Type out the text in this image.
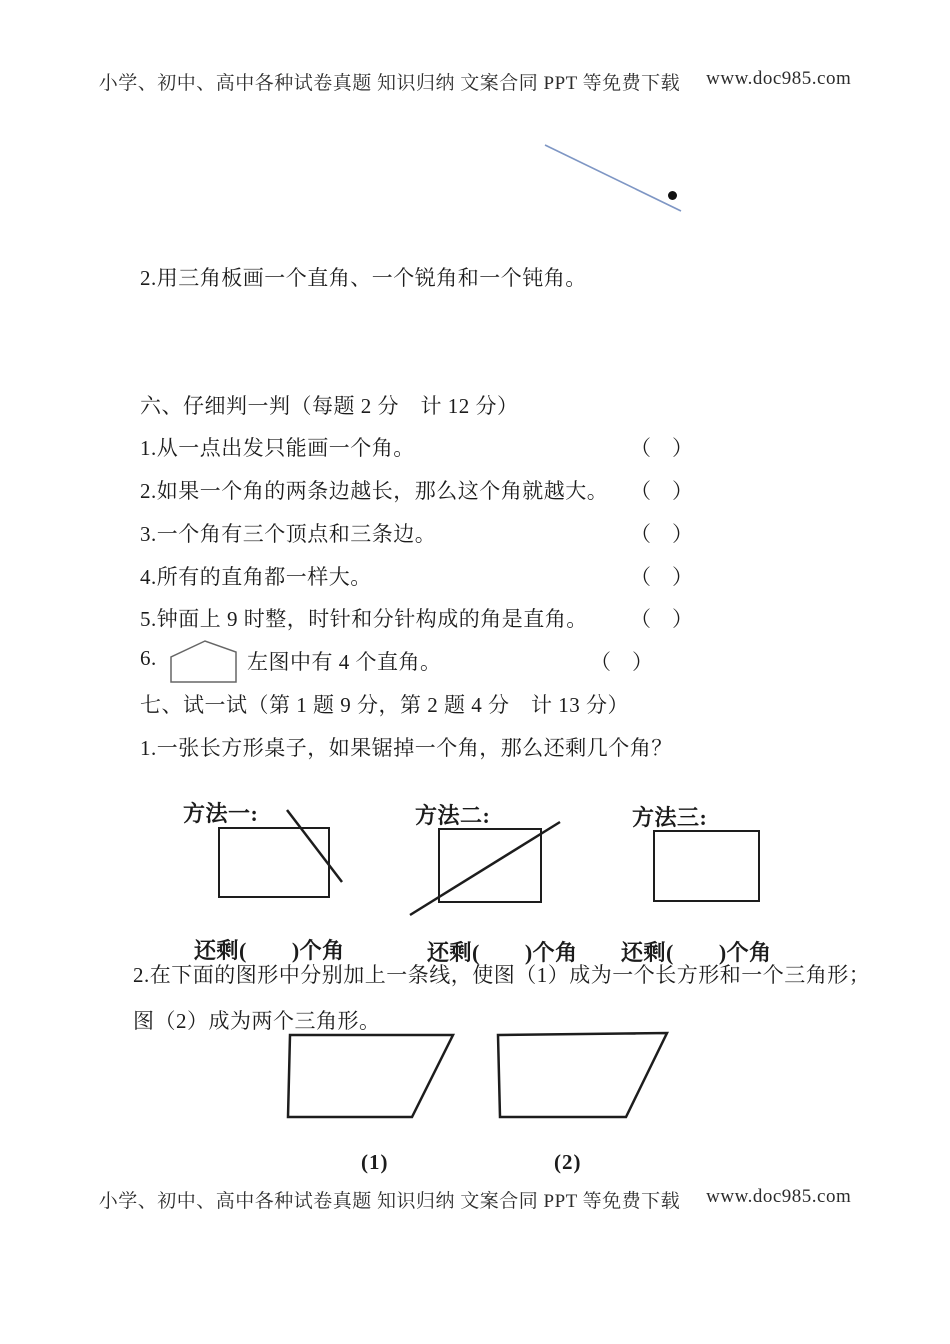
小学、初中、高中各种试卷真题 知识归纳 文案合同 PPT 等免费下载 www.doc985.com
2.用三角板画一个直角、一个锐角和一个钝角。
六、仔细判一判（每题 2 分　计 12 分）
1.从一点出发只能画一个角。	（　）
2.如果一个角的两条边越长，那么这个角就越大。 （　）
3.一个角有三个顶点和三条边。	（　）
4.所有的直角都一样大。	（　）
5.钟面上 9 时整，时针和分针构成的角是直角。 （　）
6.	左图中有 4 个直角。	（　）
七、试一试（第 1 题 9 分，第 2 题 4 分　计 13 分）
1.一张长方形桌子，如果锯掉一个角，那么还剩几个角？
方法一:	方法二:	方法三:
还剩(　　)个角	还剩(　　)个角 还剩(　　)个角
2.在下面的图形中分别加上一条线，使图（1）成为一个长方形和一个三角形；
图（2）成为两个三角形。
(1)	(2)
小学、初中、高中各种试卷真题 知识归纳 文案合同 PPT 等免费下载 www.doc985.com
